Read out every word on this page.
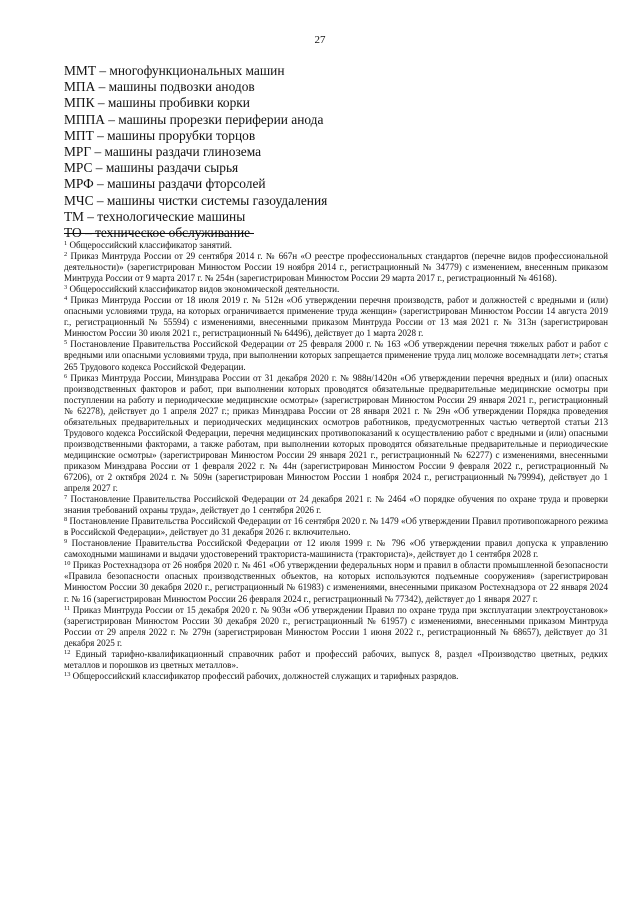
27
ММТ – многофункциональных машин
МПА – машины подвозки анодов
МПК – машины пробивки корки
МППА – машины прорезки периферии анода
МПТ – машины прорубки торцов
МРГ – машины раздачи глинозема
МРС – машины раздачи сырья
МРФ – машины раздачи фторсолей
МЧС – машины чистки системы газоудаления
ТМ – технологические машины
ТО – техническое обслуживание

$^1$ Общероссийский классификатор занятий.

$^2$ Приказ Минтруда России от 29 сентября 2014 г. № 667н «О реестре профессиональных стандартов (перечне видов профессиональной деятельности)» (зарегистрирован Минюстом России 19 ноября 2014 г., регистрационный № 34779) с изменением, внесенным приказом Минтруда России от 9 марта 2017 г. № 254н (зарегистрирован Минюстом России 29 марта 2017 г., регистрационный № 46168).

$^3$ Общероссийский классификатор видов экономической деятельности.

$^4$ Приказ Минтруда России от 18 июля 2019 г. № 512н «Об утверждении перечня производств, работ и должностей с вредными и (или) опасными условиями труда, на которых ограничивается применение труда женщин» (зарегистрирован Минюстом России 14 августа 2019 г., регистрационный № 55594) с изменениями, внесенными приказом Минтруда России от 13 мая 2021 г. № 313н (зарегистрирован Минюстом России 30 июля 2021 г., регистрационный № 64496), действует до 1 марта 2028 г.

$^5$ Постановление Правительства Российской Федерации от 25 февраля 2000 г. № 163 «Об утверждении перечня тяжелых работ и работ с вредными или опасными условиями труда, при выполнении которых запрещается применение труда лиц моложе восемнадцати лет»; статья 265 Трудового кодекса Российской Федерации.

$^6$ Приказ Минтруда России, Минздрава России от 31 декабря 2020 г. № 988н/1420н «Об утверждении перечня вредных и (или) опасных производственных факторов и работ, при выполнении которых проводятся обязательные предварительные медицинские осмотры при поступлении на работу и периодические медицинские осмотры» (зарегистрирован Минюстом России 29 января 2021 г., регистрационный № 62278), действует до 1 апреля 2027 г.; приказ Минздрава России от 28 января 2021 г. № 29н «Об утверждении Порядка проведения обязательных предварительных и периодических медицинских осмотров работников, предусмотренных частью четвертой статьи 213 Трудового кодекса Российской Федерации, перечня медицинских противопоказаний к осуществлению работ с вредными и (или) опасными производственными факторами, а также работам, при выполнении которых проводятся обязательные предварительные и периодические медицинские осмотры» (зарегистрирован Минюстом России 29 января 2021 г., регистрационный № 62277) с изменениями, внесенными приказом Минздрава России от 1 февраля 2022 г. № 44н (зарегистрирован Минюстом России 9 февраля 2022 г., регистрационный № 67206), от 2 октября 2024 г. № 509н (зарегистрирован Минюстом России 1 ноября 2024 г., регистрационный №79994), действует до 1 апреля 2027 г.

$^7$ Постановление Правительства Российской Федерации от 24 декабря 2021 г. № 2464 «О порядке обучения по охране труда и проверки знания требований охраны труда», действует до 1 сентября 2026 г.

$^8$ Постановление Правительства Российской Федерации от 16 сентября 2020 г. № 1479 «Об утверждении Правил противопожарного режима в Российской Федерации», действует до 31 декабря 2026 г. включительно.

$^9$ Постановление Правительства Российской Федерации от 12 июля 1999 г. № 796 «Об утверждении правил допуска к управлению самоходными машинами и выдачи удостоверений тракториста-машиниста (тракториста)», действует до 1 сентября 2028 г.

$^{10}$ Приказ Ростехнадзора от 26 ноября 2020 г. № 461 «Об утверждении федеральных норм и правил в области промышленной безопасности «Правила безопасности опасных производственных объектов, на которых используются подъемные сооружения» (зарегистрирован Минюстом России 30 декабря 2020 г., регистрационный № 61983) с изменениями, внесенными приказом Ростехнадзора от 22 января 2024 г. № 16 (зарегистрирован Минюстом России 26 февраля 2024 г., регистрационный № 77342), действует до 1 января 2027 г.

$^{11}$ Приказ Минтруда России от 15 декабря 2020 г. № 903н «Об утверждении Правил по охране труда при эксплуатации электроустановок» (зарегистрирован Минюстом России 30 декабря 2020 г., регистрационный № 61957) с изменениями, внесенными приказом Минтруда России от 29 апреля 2022 г. № 279н (зарегистрирован Минюстом России 1 июня 2022 г., регистрационный № 68657), действует до 31 декабря 2025 г.

$^{12}$ Единый тарифно-квалификационный справочник работ и профессий рабочих, выпуск 8, раздел «Производство цветных, редких металлов и порошков из цветных металлов».

$^{13}$ Общероссийский классификатор профессий рабочих, должностей служащих и тарифных разрядов.
